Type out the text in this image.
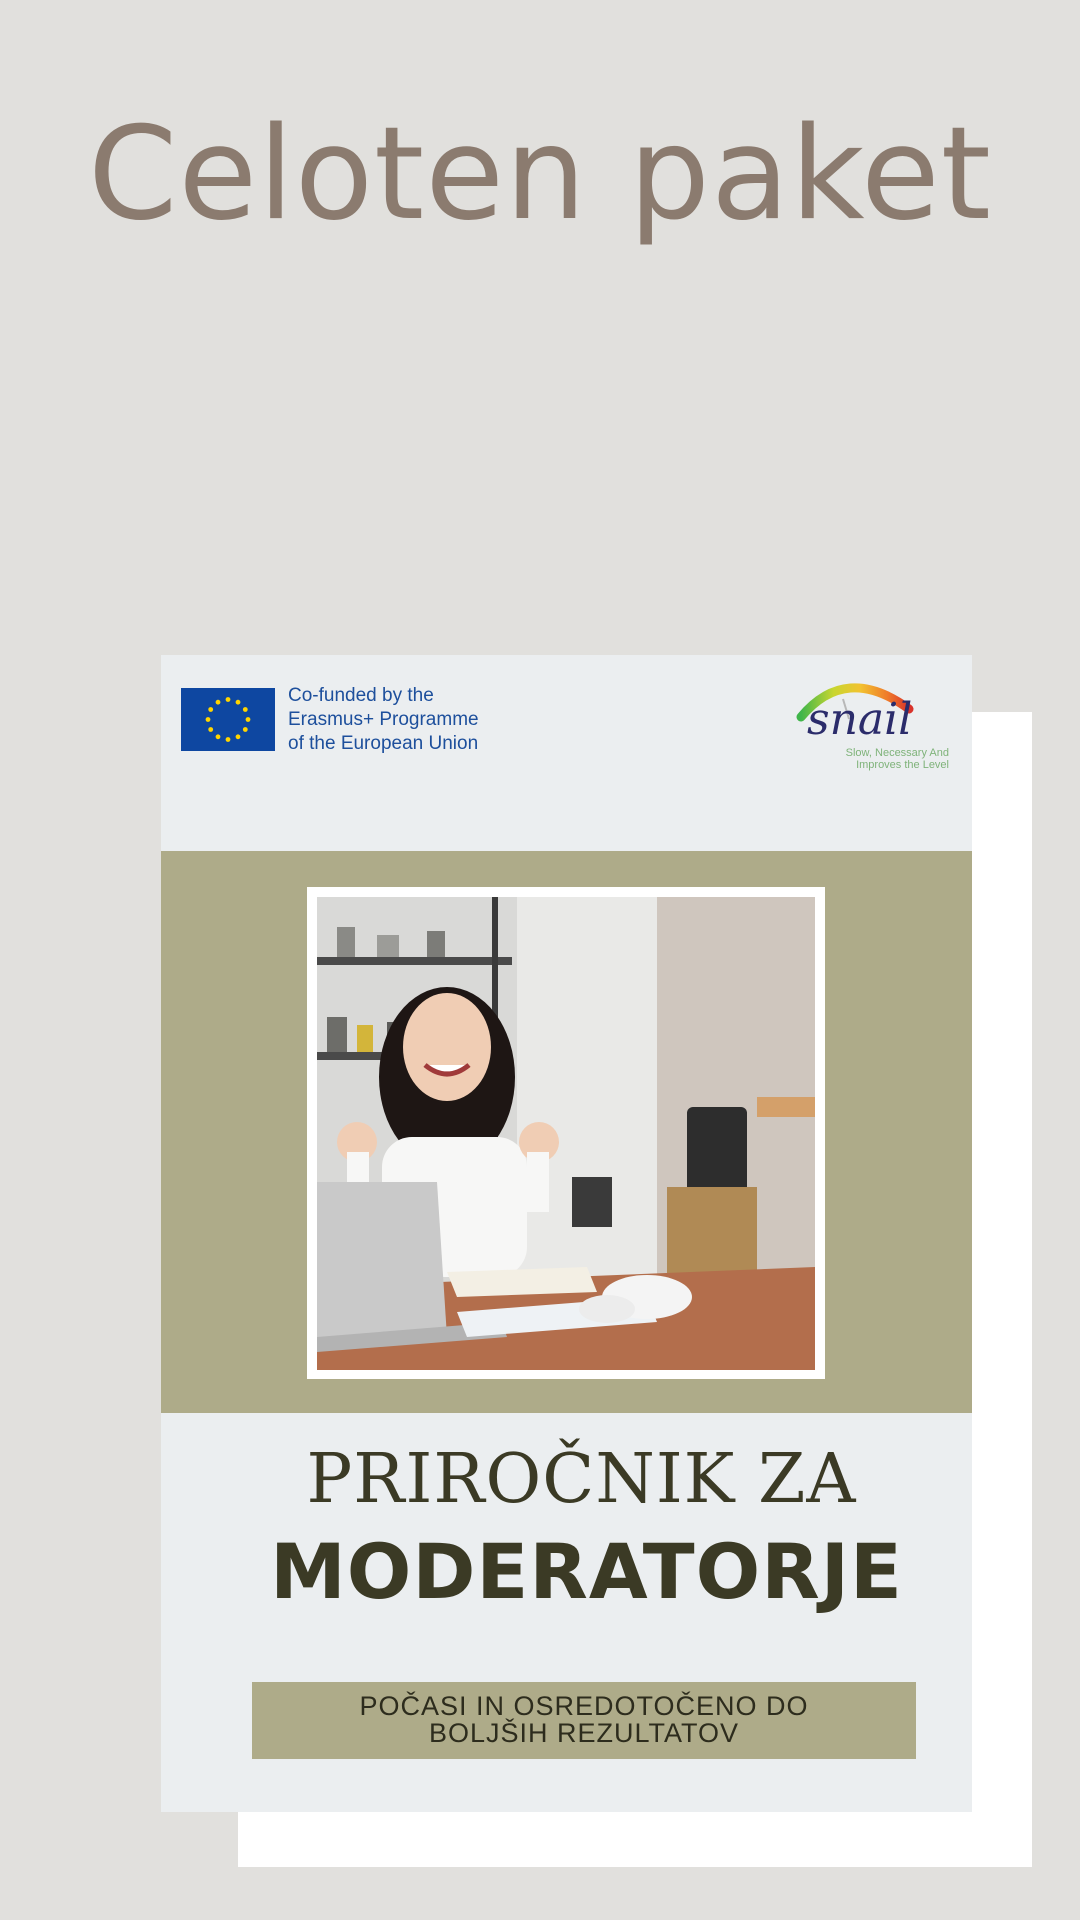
Celoten paket
Co-funded by the
Erasmus+ Programme
of the European Union	snail
Slow, Necessary And
Improves the Level
PRIROČNIK ZA
MODERATORJE
POČASI IN OSREDOTOČENO DO
BOLJŠIH REZULTATOV
